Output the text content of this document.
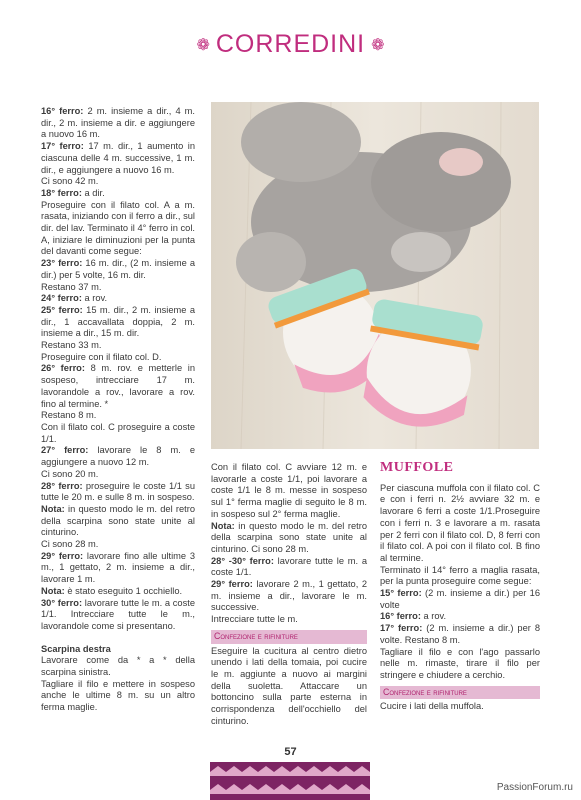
❁ CORREDINI ❁

16° ferro: 2 m. insieme a dir., 4 m. dir., 2 m. insieme a dir. e aggiungere a nuovo 16 m.

17° ferro: 17 m. dir., 1 aumento in ciascuna delle 4 m. successive, 1 m. dir., e aggiungere a nuovo 16 m.

Ci sono 42 m.

18° ferro: a dir.

Proseguire con il filato col. A a m. rasata, iniziando con il ferro a dir., sul dir. del lav. Terminato il 4° ferro in col. A, iniziare le diminuzioni per la punta del davanti come segue:

23° ferro: 16 m. dir., (2 m. insieme a dir.) per 5 volte, 16 m. dir.

Restano 37 m.

24° ferro: a rov.

25° ferro: 15 m. dir., 2 m. insieme a dir., 1 accavallata doppia, 2 m. insieme a dir., 15 m. dir.

Restano 33 m.

Proseguire con il filato col. D.

26° ferro: 8 m. rov. e metterle in sospeso, intrecciare 17 m. lavorandole a rov., lavorare a rov. fino al termine. *

Restano 8 m.

Con il filato col. C proseguire a coste 1/1.

27° ferro: lavorare le 8 m. e aggiungere a nuovo 12 m.

Ci sono 20 m.

28° ferro: proseguire le coste 1/1 su tutte le 20 m. e sulle 8 m. in sospeso.

Nota: in questo modo le m. del retro della scarpina sono state unite al cinturino.

Ci sono 28 m.

29° ferro: lavorare fino alle ultime 3 m., 1 gettato, 2 m. insieme a dir., lavorare 1 m.

Nota: è stato eseguito 1 occhiello.

30° ferro: lavorare tutte le m. a coste 1/1. Intrecciare tutte le m., lavorandole come si presentano.

Scarpina destra

Lavorare come da * a * della scarpina sinistra.

Tagliare il filo e mettere in sospeso anche le ultime 8 m. su un altro ferma maglie.

Con il filato col. C avviare 12 m. e lavorarle a coste 1/1, poi lavorare a coste 1/1 le 8 m. messe in sospeso sul 1° ferma maglie di seguito le 8 m. in sospeso sul 2° ferma maglie.

Nota: in questo modo le m. del retro della scarpina sono state unite al cinturino. Ci sono 28 m.

28° -30° ferro: lavorare tutte le m. a coste 1/1.

29° ferro: lavorare 2 m., 1 gettato, 2 m. insieme a dir., lavorare le m. successive.

Intrecciare tutte le m.

Confezione e rifiniture

Eseguire la cucitura al centro dietro unendo i lati della tomaia, poi cucire le m. aggiunte a nuovo ai margini della suoletta. Attaccare un bottoncino sulla parte esterna in corrispondenza dell'occhiello del cinturino.

MUFFOLE

Per ciascuna muffola con il filato col. C e con i ferri n. 2½ avviare 32 m. e lavorare 6 ferri a coste 1/1.Proseguire con i ferri n. 3 e lavorare a m. rasata per 2 ferri con il filato col. D, 8 ferri con il filato col. A poi con il filato col. B fino al termine.

Terminato il 14° ferro a maglia rasata, per la punta proseguire come segue:

15° ferro: (2 m. insieme a dir.) per 16 volte

16° ferro: a rov.

17° ferro: (2 m. insieme a dir.) per 8 volte. Restano 8 m.

Tagliare il filo e con l'ago passarlo nelle m. rimaste, tirare il filo per stringere e chiudere a cerchio.

Confezione e rifiniture

Cucire i lati della muffola.

57
PassionForum.ru
